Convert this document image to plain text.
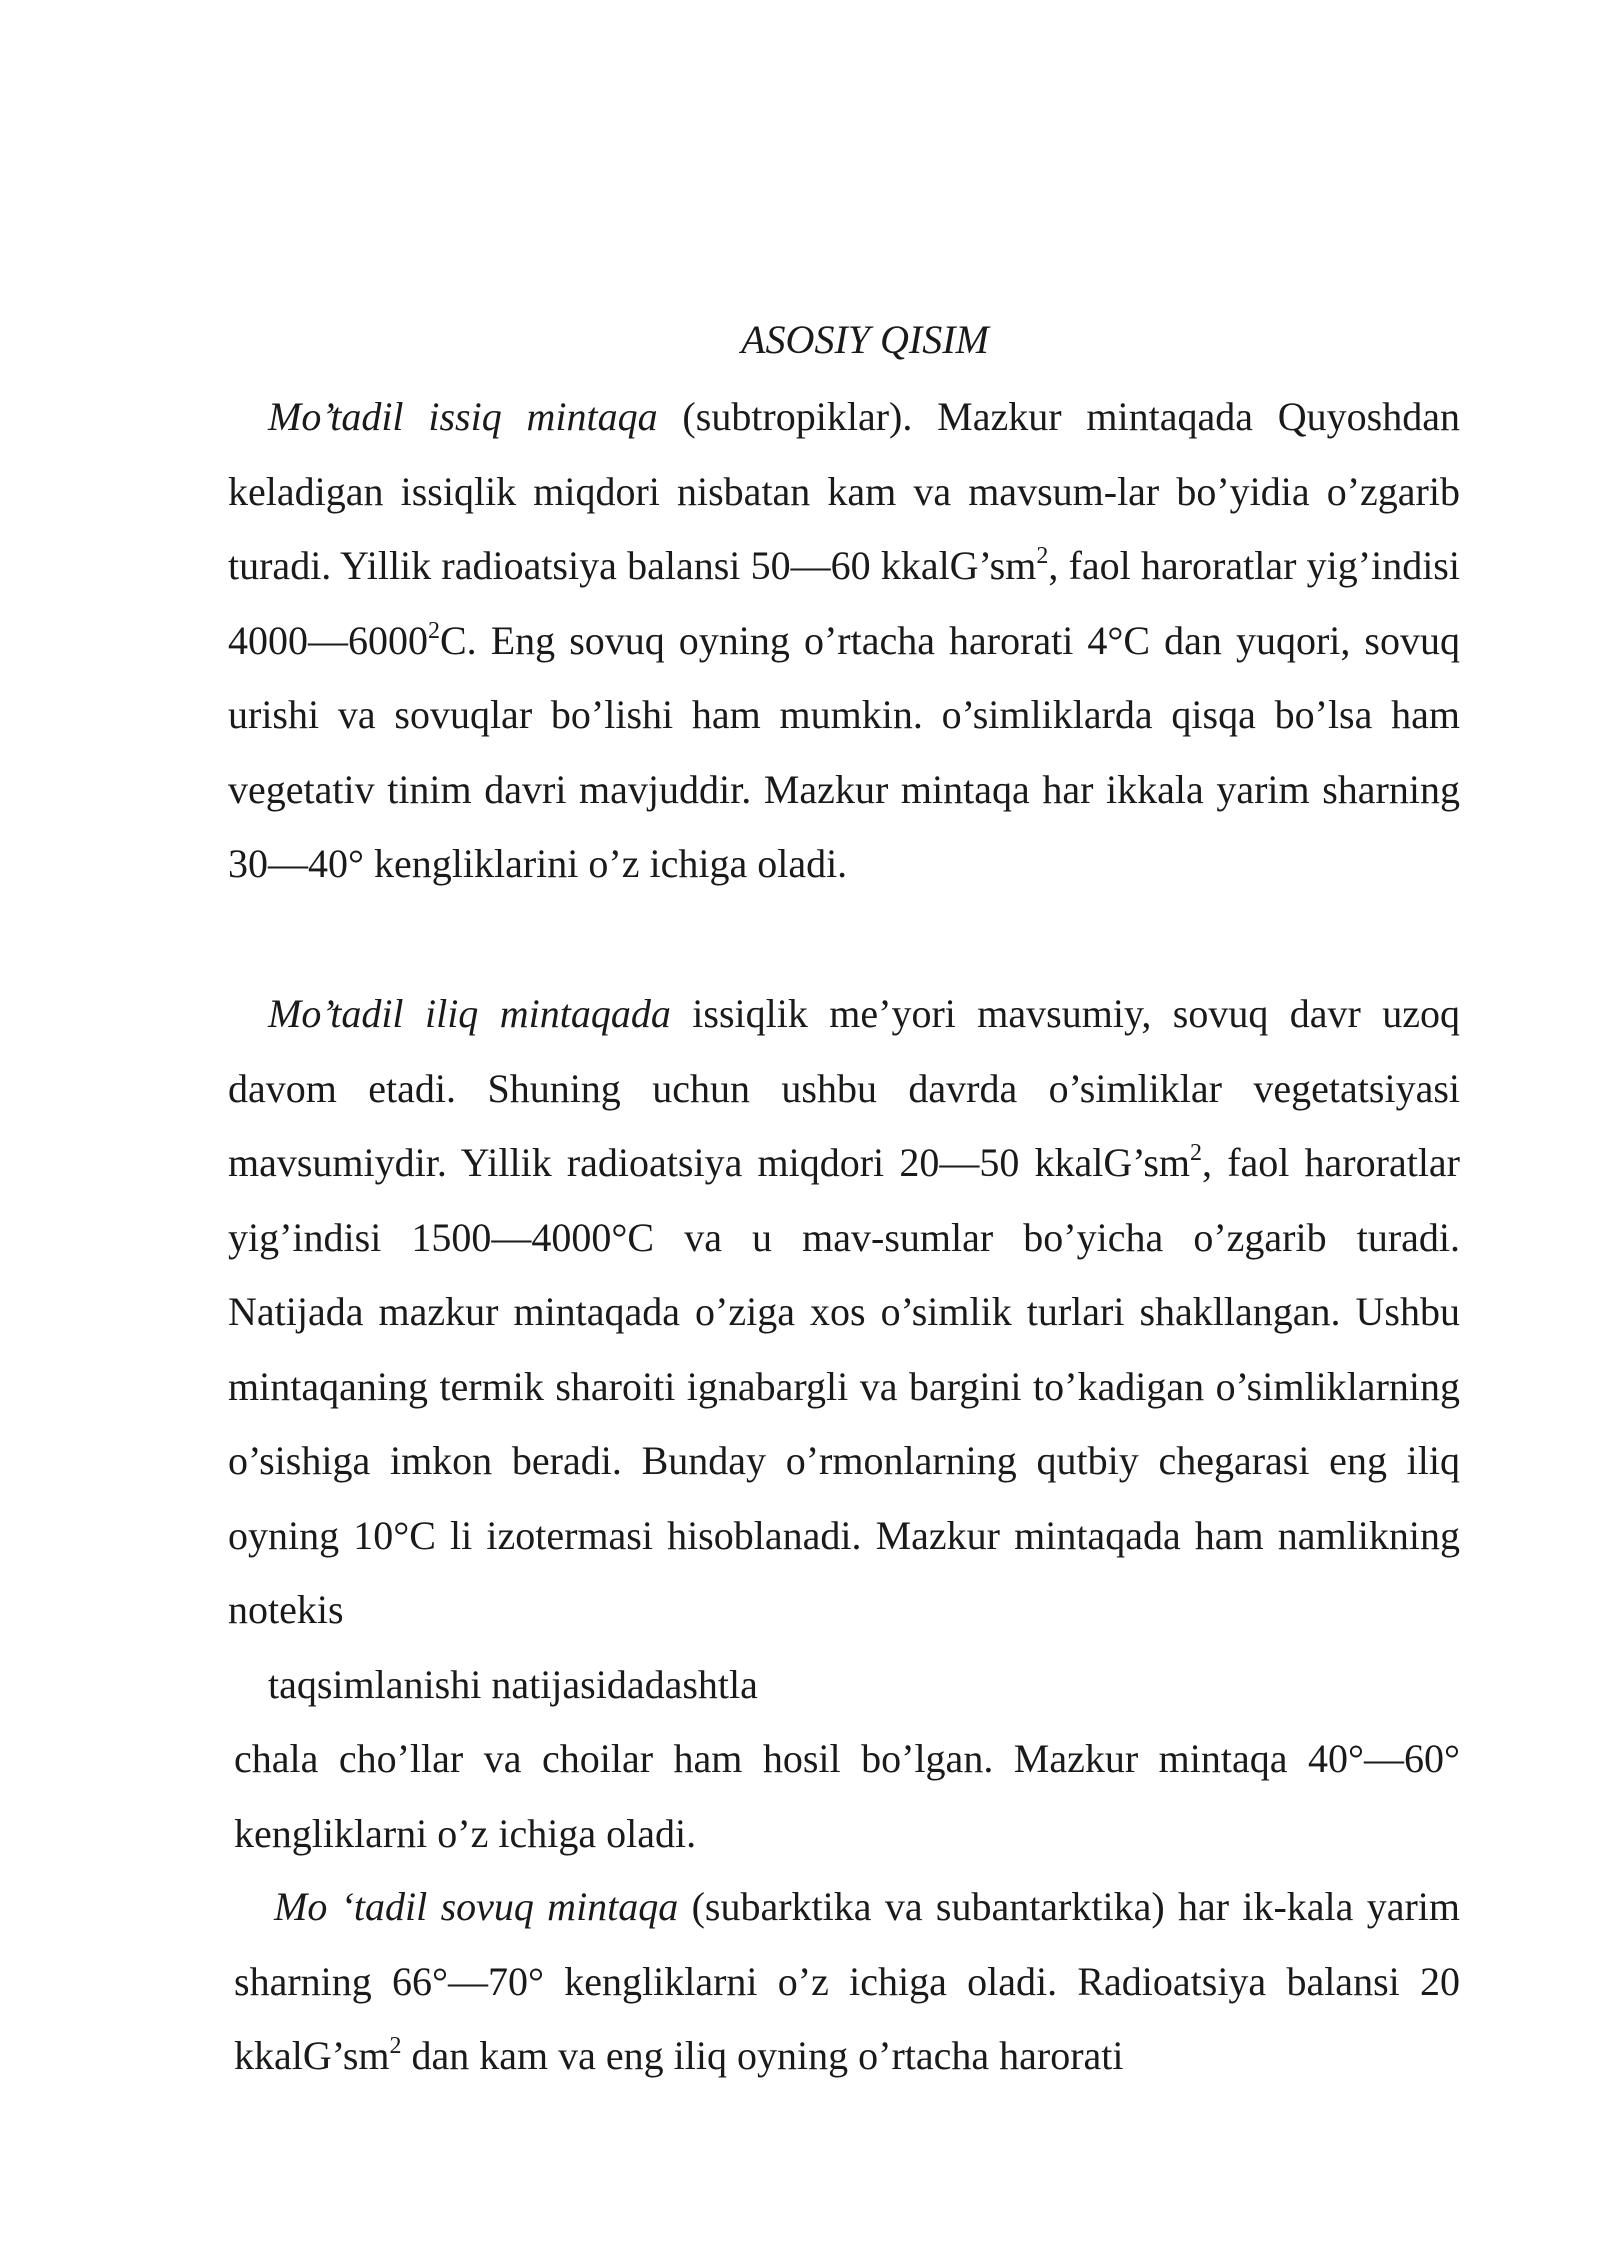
ASOSIY QISIM

Mo’tadil issiq mintaqa (subtropiklar). Mazkur mintaqada Quyoshdan keladigan issiqlik miqdori nisbatan kam va mavsum-lar bo’yidia o’zgarib turadi. Yillik radioatsiya balansi 50—60 $kkalG’sm^2$, faol haroratlar yig’indisi 4000—6000$^2$C. Eng sovuq oyning o’rtacha harorati 4°C dan yuqori, sovuq urishi va sovuqlar bo’lishi ham mumkin. o’simliklarda qisqa bo’lsa ham vegetativ tinim davri mavjuddir. Mazkur mintaqa har ikkala yarim sharning 30—40° kengliklarini o’z ichiga oladi.

Mo’tadil iliq mintaqada issiqlik me’yori mavsumiy, sovuq davr uzoq davom etadi. Shuning uchun ushbu davrda o’simliklar vegetatsiyasi mavsumiydir. Yillik radioatsiya miqdori 20—50 $kkalG’sm^2$, faol haroratlar yig’indisi 1500—4000°C va u mav-sumlar bo’yicha o’zgarib turadi. Natijada mazkur mintaqada o’ziga xos o’simlik turlari shakllangan. Ushbu mintaqaning termik sharoiti ignabargli va bargini to’kadigan o’simliklarning o’sishiga imkon beradi. Bunday o’rmonlarning qutbiy chegarasi eng iliq oyning 10°C li izotermasi hisoblanadi. Mazkur mintaqada ham namlikning notekis
taqsimlanishi natijasidadashtla

chala cho’llar va choilar ham hosil bo’lgan. Mazkur mintaqa 40°—60° kengliklarni o’z ichiga oladi.

Mo ‘tadil sovuq mintaqa (subarktika va subantarktika) har ik-kala yarim sharning 66°—70° kengliklarni o’z ichiga oladi. Radioatsiya balansi 20 $kkalG’sm^2$ dan kam va eng iliq oyning o’rtacha harorati
